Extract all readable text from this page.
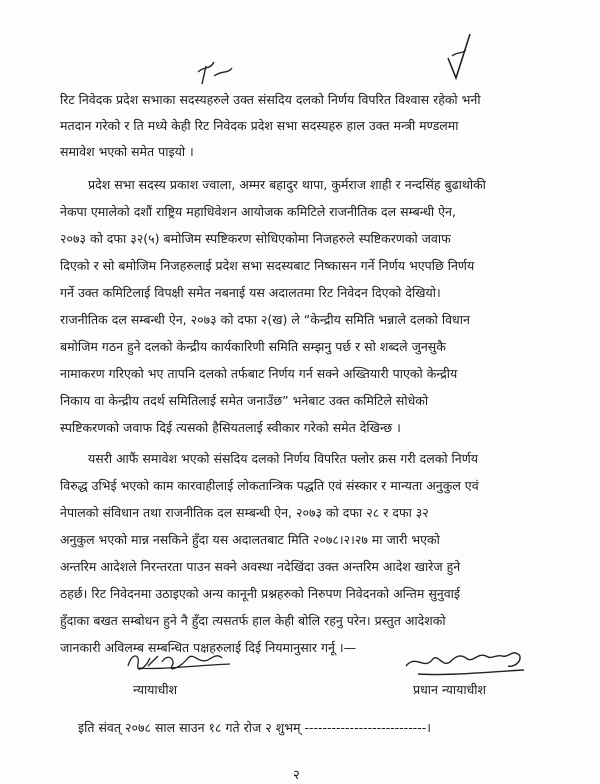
रिट निवेदक प्रदेश सभाका सदस्यहरुले उक्त संसदिय दलको निर्णय विपरित विश्वास रहेको भनी
मतदान गरेको र ति मध्ये केही रिट निवेदक प्रदेश सभा सदस्यहरु हाल उक्त मन्त्री मण्डलमा
समावेश भएको समेत पाइयो ।
प्रदेश सभा सदस्य प्रकाश ज्वाला, अम्मर बहादुर थापा, कुर्मराज शाही र नन्दसिंह बुढाथोकी
नेकपा एमालेको दशौं राष्ट्रिय महाधिवेशन आयोजक कमिटिले राजनीतिक दल सम्बन्धी ऐन,
२०७३ को दफा ३२(५) बमोजिम स्पष्टिकरण सोधिएकोमा निजहरुले स्पष्टिकरणको जवाफ
दिएको र सो बमोजिम निजहरुलाई प्रदेश सभा सदस्यबाट निष्कासन गर्ने निर्णय भएपछि निर्णय
गर्ने उक्त कमिटिलाई विपक्षी समेत नबनाई यस अदालतमा रिट निवेदन दिएको देखियो।
राजनीतिक दल सम्बन्धी ऐन, २०७३ को दफा २(ख) ले “केन्द्रीय समिति भन्नाले दलको विधान
बमोजिम गठन हुने दलको केन्द्रीय कार्यकारिणी समिति सम्झनु पर्छ र सो शब्दले जुनसुकै
नामाकरण गरिएको भए तापनि दलको तर्फबाट निर्णय गर्न सक्ने अख्तियारी पाएको केन्द्रीय
निकाय वा केन्द्रीय तदर्थ समितिलाई समेत जनाउँछ” भनेबाट उक्त कमिटिले सोधेको
स्पष्टिकरणको जवाफ दिई त्यसको हैसियतलाई स्वीकार गरेको समेत देखिन्छ ।
यसरी आफैं समावेश भएको संसदिय दलको निर्णय विपरित फ्लोर क्रस गरी दलको निर्णय
विरुद्ध उभिई भएको काम कारवाहीलाई लोकतान्त्रिक पद्धति एवं संस्कार र मान्यता अनुकुल एवं
नेपालको संविधान तथा राजनीतिक दल सम्बन्धी ऐन, २०७३ को दफा २८ र दफा ३२
अनुकुल भएको मान्न नसकिने हुँदा यस अदालतबाट मिति २०७८।२।२७ मा जारी भएको
अन्तरिम आदेशले निरन्तरता पाउन सक्ने अवस्था नदेखिंदा उक्त अन्तरिम आदेश खारेज हुने
ठहर्छ। रिट निवेदनमा उठाइएको अन्य कानूनी प्रश्नहरुको निरुपण निवेदनको अन्तिम सुनुवाई
हुँदाका बखत सम्बोधन हुने नै हुँदा त्यसतर्फ हाल केही बोलि रहनु परेन। प्रस्तुत आदेशको
जानकारी अविलम्ब सम्बन्धित पक्षहरुलाई दिई नियमानुसार गर्नू ।—
न्यायाधीश	प्रधान न्यायाधीश
इति संवत् २०७८ साल साउन १८ गते रोज २ शुभम् ---------------------------।
२
